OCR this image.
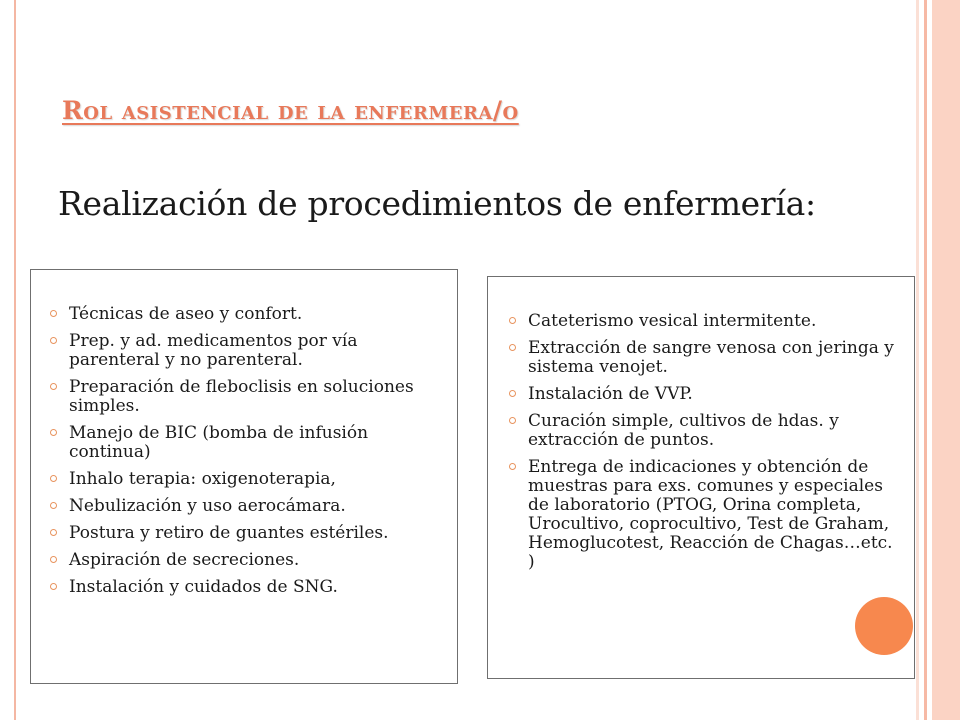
Rol asistencial de la enfermera/o

Realización de procedimientos de enfermería:

Técnicas de aseo y confort.
Prep. y ad. medicamentos por vía parenteral y no parenteral.
Preparación de fleboclisis en soluciones simples.
Manejo de BIC (bomba de infusión continua)
Inhalo terapia: oxigenoterapia,
Nebulización y uso aerocámara.
Postura y retiro de guantes estériles.
Aspiración de secreciones.
Instalación y cuidados de SNG.
Cateterismo vesical intermitente.
Extracción de sangre venosa con jeringa y sistema venojet.
Instalación de VVP.
Curación simple, cultivos de hdas. y extracción de puntos.
Entrega de indicaciones y obtención de muestras para exs. comunes y especiales de laboratorio (PTOG, Orina completa, Urocultivo, coprocultivo, Test de Graham, Hemoglucotest, Reacción de Chagas…etc. )
